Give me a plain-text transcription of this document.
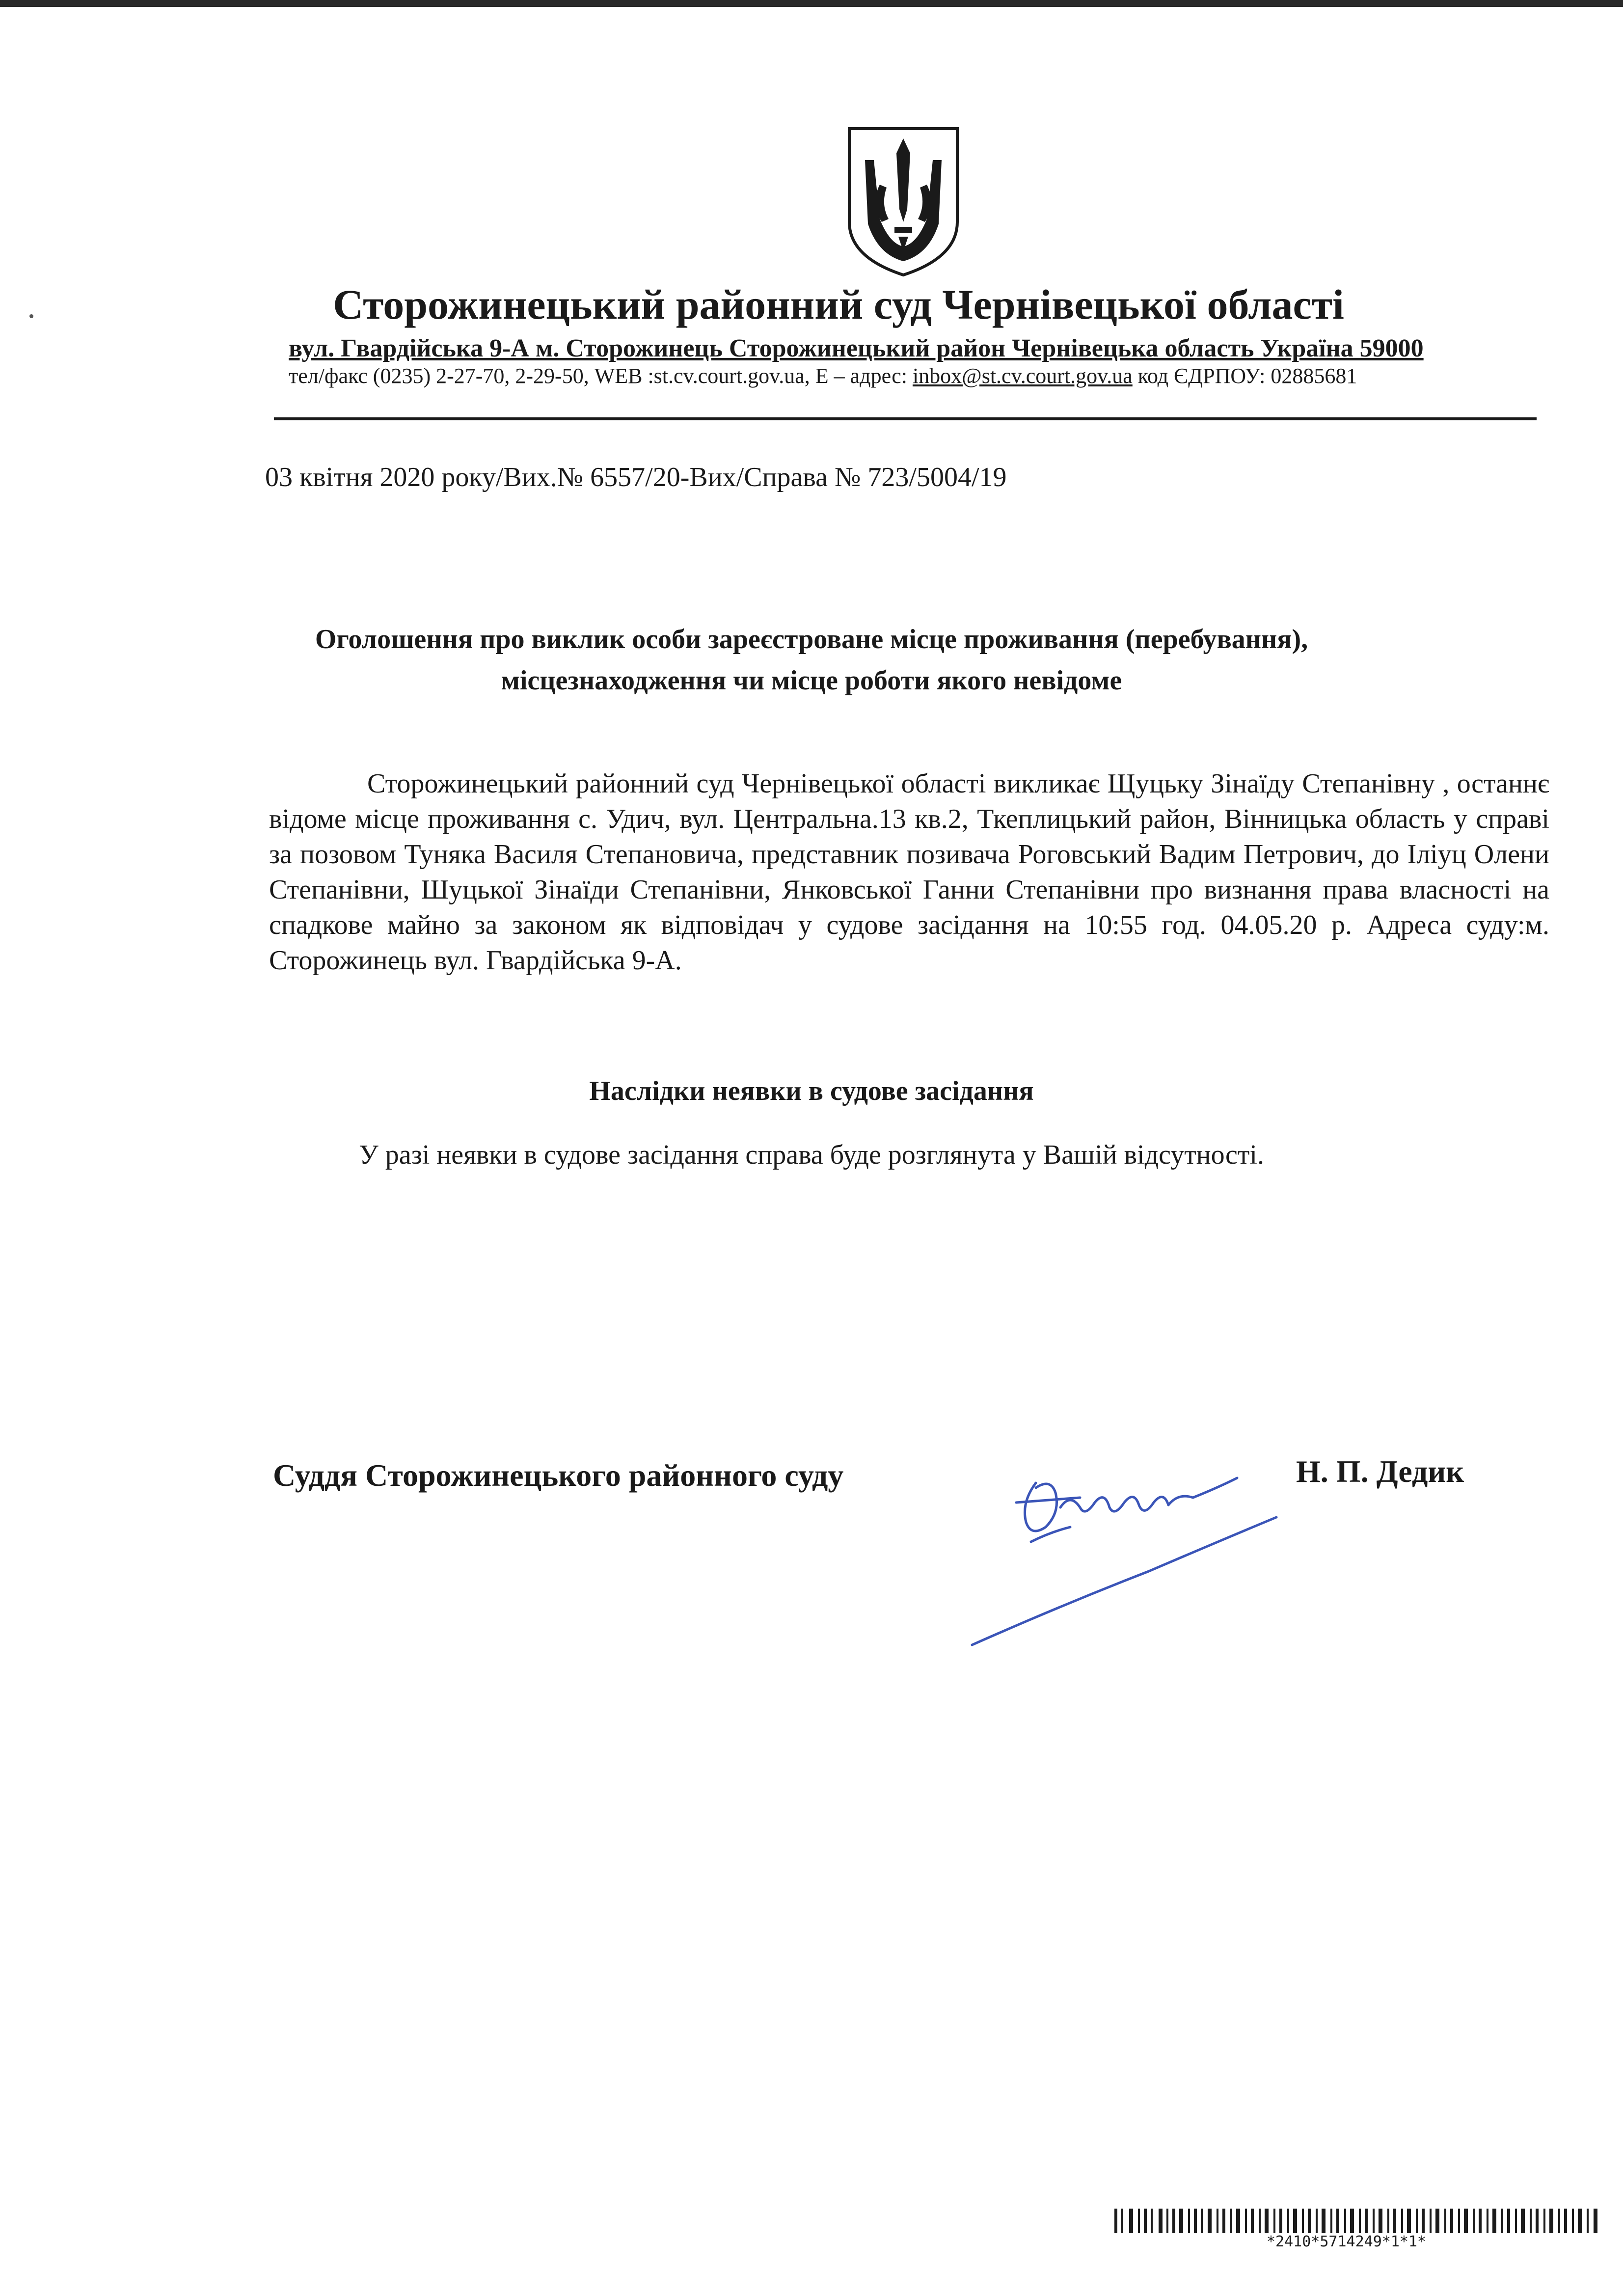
Сторожинецький районний суд Чернівецької області
вул. Гвардійська 9-А м. Сторожинець Сторожинецький район Чернівецька область Україна 59000
тел/факс (0235) 2-27-70, 2-29-50, WEB :st.cv.court.gov.ua, E – адрес: inbox@st.cv.court.gov.ua код ЄДРПОУ: 02885681
03 квітня 2020 року/Вих.№ 6557/20-Вих/Справа № 723/5004/19
Оголошення про виклик особи зареєстроване місце проживання (перебування),
місцезнаходження чи місце роботи якого невідоме
Сторожинецький районний суд Чернівецької області викликає Щуцьку Зінаїду Степанівну , останнє відоме місце проживання с. Удич, вул. Центральна.13 кв.2, Ткеплицький район, Вінницька область у справі за позовом Туняка Василя Степановича, представник позивача Роговський Вадим Петрович, до Іліуц Олени Степанівни, Шуцької Зінаїди Степанівни, Янковської Ганни Степанівни про визнання права власності на спадкове майно за законом як відповідач у судове засідання на 10:55 год. 04.05.20 р. Адреса суду:м. Сторожинець вул. Гвардійська 9-А.
Наслідки неявки в судове засідання
У разі неявки в судове засідання справа буде розглянута у Вашій відсутності.
Суддя Сторожинецького районного суду	Н. П. Дедик
*2410*5714249*1*1*
